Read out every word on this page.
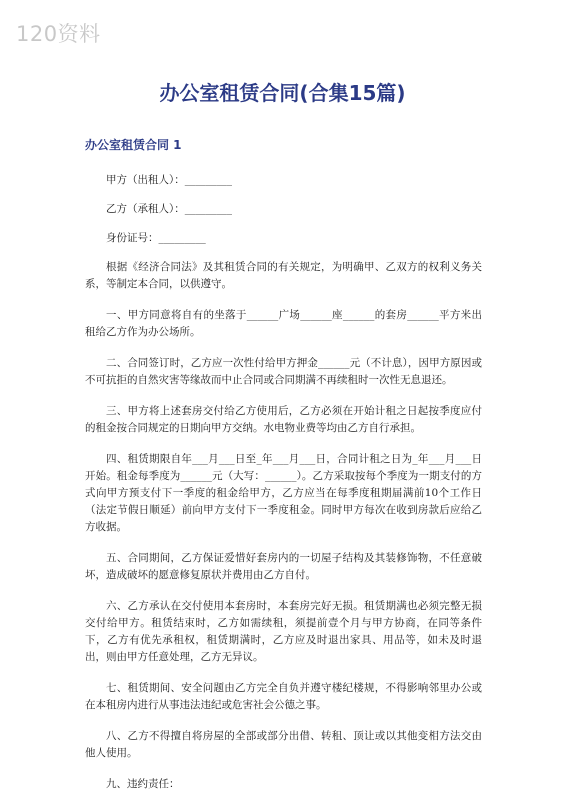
120资料
办公室租赁合同(合集15篇)
办公室租赁合同 1

甲方（出租人）：_________

乙方（承租人）：_________

身份证号：_________

根据《经济合同法》及其租赁合同的有关规定，为明确甲、乙双方的权利义务关系，等制定本合同，以供遵守。

一、甲方同意将自有的坐落于______广场______座______的套房______平方米出租给乙方作为办公场所。

二、合同签订时，乙方应一次性付给甲方押金______元（不计息），因甲方原因或不可抗拒的自然灾害等缘故而中止合同或合同期满不再续租时一次性无息退还。

三、甲方将上述套房交付给乙方使用后，乙方必须在开始计租之日起按季度应付的租金按合同规定的日期向甲方交纳。水电物业费等均由乙方自行承担。

四、租赁期限自年___月___日至_年___月___日，合同计租之日为_年___月___日开始。租金每季度为______元（大写：______）。乙方采取按每个季度为一期支付的方式向甲方预支付下一季度的租金给甲方，乙方应当在每季度租期届满前10个工作日（法定节假日顺延）前向甲方支付下一季度租金。同时甲方每次在收到房款后应给乙方收据。

五、合同期间，乙方保证爱惜好套房内的一切屋子结构及其装修饰物，不任意破坏，造成破坏的愿意修复原状并费用由乙方自付。

六、乙方承认在交付使用本套房时，本套房完好无损。租赁期满也必须完整无损交付给甲方。租赁结束时，乙方如需续租，须提前壹个月与甲方协商，在同等条件下，乙方有优先承租权，租赁期满时，乙方应及时退出家具、用品等，如未及时退出，则由甲方任意处理，乙方无异议。

七、租赁期间、安全问题由乙方完全自负并遵守楼纪楼规，不得影响邻里办公或在本租房内进行从事违法违纪或危害社会公德之事。

八、乙方不得擅自将房屋的全部或部分出借、转租、顶让或以其他变相方法交由他人使用。

九、违约责任：
